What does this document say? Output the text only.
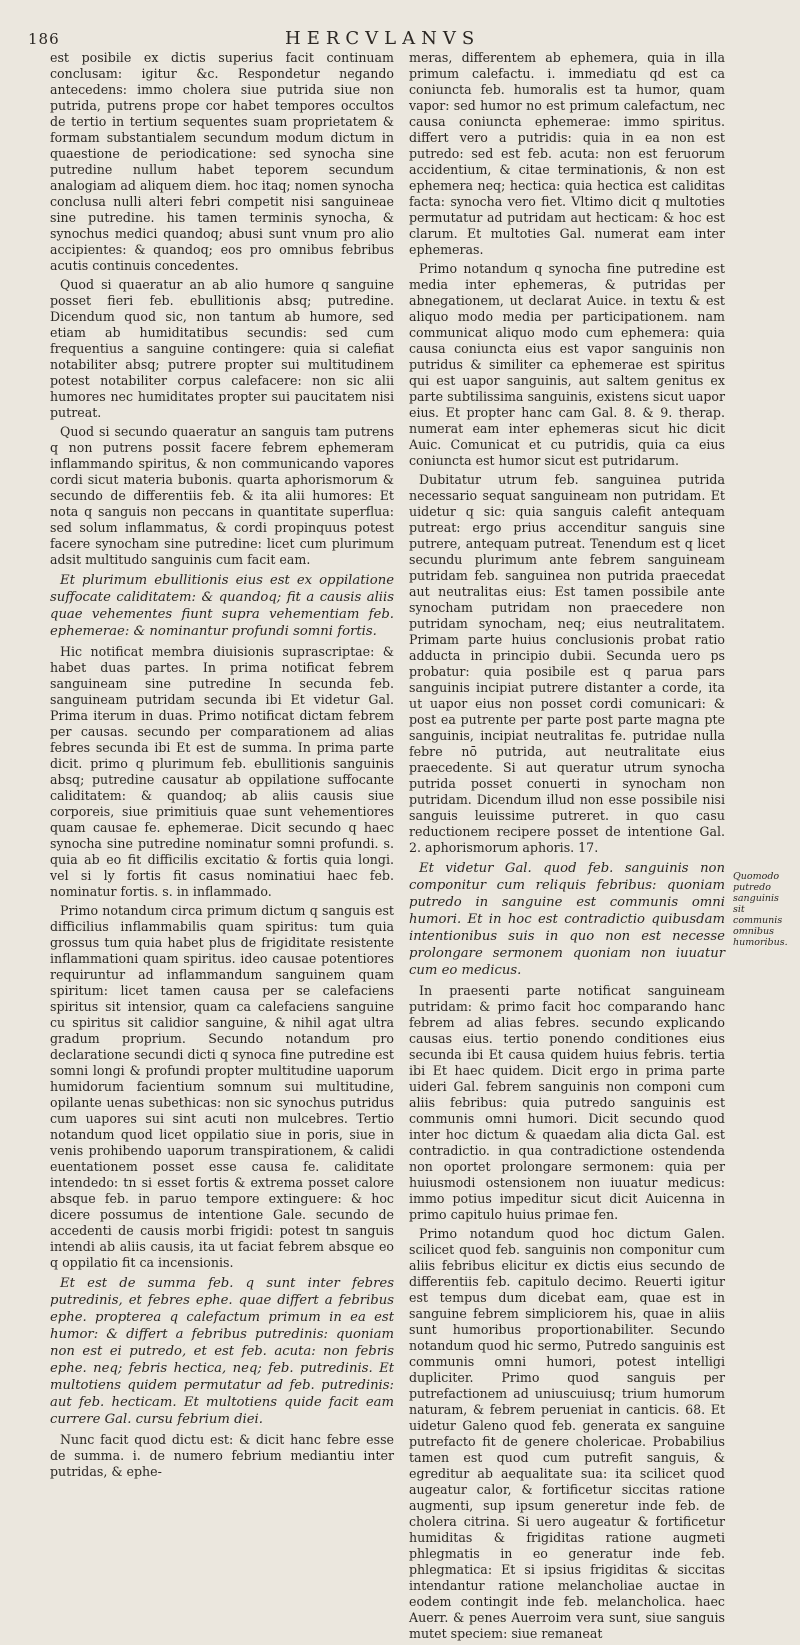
186	HERCVLANVS

est posibile ex dictis superius facit continuam conclusam: igitur &c. Respondetur negando antecedens: immo cholera siue putrida siue non putrida, putrens prope cor habet tempores occultos de tertio in tertium sequentes suam proprietatem & formam substantialem secundum modum dictum in quaestione de periodicatione: sed synocha sine putredine nullum habet teporem secundum analogiam ad aliquem diem. hoc itaq; nomen synocha conclusa nulli alteri febri competit nisi sanguineae sine putredine. his tamen terminis synocha, & synochus medici quandoq; abusi sunt vnum pro alio accipientes: & quandoq; eos pro omnibus febribus acutis continuis concedentes.

Quod si quaeratur an ab alio humore q sanguine posset fieri feb. ebullitionis absq; putredine. Dicendum quod sic, non tantum ab humore, sed etiam ab humiditatibus secundis: sed cum frequentius a sanguine contingere: quia si calefiat notabiliter absq; putrere propter sui multitudinem potest notabiliter corpus calefacere: non sic alii humores nec humiditates propter sui paucitatem nisi putreat.

Quod si secundo quaeratur an sanguis tam putrens q non putrens possit facere febrem ephemeram inflammando spiritus, & non communicando vapores cordi sicut materia bubonis. quarta aphorismorum & secundo de differentiis feb. & ita alii humores: Et nota q sanguis non peccans in quantitate superflua: sed solum inflammatus, & cordi propinquus potest facere synocham sine putredine: licet cum plurimum adsit multitudo sanguinis cum facit eam.

Et plurimum ebullitionis eius est ex oppilatione suffocate caliditatem: & quandoq; fit a causis aliis quae vehementes fiunt supra vehementiam feb. ephemerae: & nominantur profundi somni fortis.

Hic notificat membra diuisionis suprascriptae: & habet duas partes. In prima notificat febrem sanguineam sine putredine In secunda feb. sanguineam putridam secunda ibi Et videtur Gal. Prima iterum in duas. Primo notificat dictam febrem per causas. secundo per comparationem ad alias febres secunda ibi Et est de summa. In prima parte dicit. primo q plurimum feb. ebullitionis sanguinis absq; putredine causatur ab oppilatione suffocante caliditatem: & quandoq; ab aliis causis siue corporeis, siue primitiuis quae sunt vehementiores quam causae fe. ephemerae. Dicit secundo q haec synocha sine putredine nominatur somni profundi. s. quia ab eo fit difficilis excitatio & fortis quia longi. vel si ly fortis fit casus nominatiui haec feb. nominatur fortis. s. in inflammado.

Primo notandum circa primum dictum q sanguis est difficilius inflammabilis quam spiritus: tum quia grossus tum quia habet plus de frigiditate resistente inflammationi quam spiritus. ideo causae potentiores requiruntur ad inflammandum sanguinem quam spiritum: licet tamen causa per se calefaciens spiritus sit intensior, quam ca calefaciens sanguine cu spiritus sit calidior sanguine, & nihil agat ultra gradum proprium. Secundo notandum pro declaratione secundi dicti q synoca fine putredine est somni longi & profundi propter multitudine uaporum humidorum facientium somnum sui multitudine, opilante uenas subethicas: non sic synochus putridus cum uapores sui sint acuti non mulcebres. Tertio notandum quod licet oppilatio siue in poris, siue in venis prohibendo uaporum transpirationem, & calidi euentationem posset esse causa fe. caliditate intendedo: tn si esset fortis & extrema posset calore absque feb. in paruo tempore extinguere: & hoc dicere possumus de intentione Gale. secundo de accedenti de causis morbi frigidi: potest tn sanguis intendi ab aliis causis, ita ut faciat febrem absque eo q oppilatio fit ca incensionis.

Et est de summa feb. q sunt inter febres putredinis, et febres ephe. quae differt a febribus ephe. propterea q calefactum primum in ea est humor: & differt a febribus putredinis: quoniam non est ei putredo, et est feb. acuta: non febris ephe. neq; febris hectica, neq; feb. putredinis. Et multotiens quidem permutatur ad feb. putredinis: aut feb. hecticam. Et multotiens quide facit eam currere Gal. cursu febrium diei.

Nunc facit quod dictu est: & dicit hanc febre esse de summa. i. de numero febrium mediantiu inter putridas, & ephe-

meras, differentem ab ephemera, quia in illa primum calefactu. i. immediatu qd est ca coniuncta feb. humoralis est ta humor, quam vapor: sed humor no est primum calefactum, nec causa coniuncta ephemerae: immo spiritus. differt vero a putridis: quia in ea non est putredo: sed est feb. acuta: non est feruorum accidentium, & citae terminationis, & non est ephemera neq; hectica: quia hectica est caliditas facta: synocha vero fiet. Vltimo dicit q multoties permutatur ad putridam aut hecticam: & hoc est clarum. Et multoties Gal. numerat eam inter ephemeras.

Primo notandum q synocha fine putredine est media inter ephemeras, & putridas per abnegationem, ut declarat Auice. in textu & est aliquo modo media per participationem. nam communicat aliquo modo cum ephemera: quia causa coniuncta eius est vapor sanguinis non putridus & similiter ca ephemerae est spiritus qui est uapor sanguinis, aut saltem genitus ex parte subtilissima sanguinis, existens sicut uapor eius. Et propter hanc cam Gal. 8. & 9. therap. numerat eam inter ephemeras sicut hic dicit Auic. Comunicat et cu putridis, quia ca eius coniuncta est humor sicut est putridarum.

Dubitatur utrum feb. sanguinea putrida necessario sequat sanguineam non putridam. Et uidetur q sic: quia sanguis calefit antequam putreat: ergo prius accenditur sanguis sine putrere, antequam putreat. Tenendum est q licet secundu plurimum ante febrem sanguineam putridam feb. sanguinea non putrida praecedat aut neutralitas eius: Est tamen possibile ante synocham putridam non praecedere non putridam synocham, neq; eius neutralitatem. Primam parte huius conclusionis probat ratio adducta in principio dubii. Secunda uero ps probatur: quia posibile est q parua pars sanguinis incipiat putrere distanter a corde, ita ut uapor eius non posset cordi comunicari: & post ea putrente per parte post parte magna pte sanguinis, incipiat neutralitas fe. putridae nulla febre nō putrida, aut neutralitate eius praecedente. Si aut queratur utrum synocha putrida posset conuerti in synocham non putridam. Dicendum illud non esse possibile nisi sanguis leuissime putreret. in quo casu reductionem recipere posset de intentione Gal. 2. aphorismorum aphoris. 17.

Et videtur Gal. quod feb. sanguinis non componitur cum reliquis febribus: quoniam putredo in sanguine est communis omni humori. Et in hoc est contradictio quibusdam intentionibus suis in quo non est necesse prolongare sermonem quoniam non iuuatur cum eo medicus.

In praesenti parte notificat sanguineam putridam: & primo facit hoc comparando hanc febrem ad alias febres. secundo explicando causas eius. tertio ponendo conditiones eius secunda ibi Et causa quidem huius febris. tertia ibi Et haec quidem. Dicit ergo in prima parte uideri Gal. febrem sanguinis non componi cum aliis febribus: quia putredo sanguinis est communis omni humori. Dicit secundo quod inter hoc dictum & quaedam alia dicta Gal. est contradictio. in qua contradictione ostendenda non oportet prolongare sermonem: quia per huiusmodi ostensionem non iuuatur medicus: immo potius impeditur sicut dicit Auicenna in primo capitulo huius primae fen.

Primo notandum quod hoc dictum Galen. scilicet quod feb. sanguinis non componitur cum aliis febribus elicitur ex dictis eius secundo de differentiis feb. capitulo decimo. Reuerti igitur est tempus dum dicebat eam, quae est in sanguine febrem simpliciorem his, quae in aliis sunt humoribus proportionabiliter. Secundo notandum quod hic sermo, Putredo sanguinis est communis omni humori, potest intelligi dupliciter. Primo quod sanguis per putrefactionem ad uniuscuiusq; trium humorum naturam, & febrem perueniat in canticis. 68. Et uidetur Galeno quod feb. generata ex sanguine putrefacto fit de genere cholericae. Probabilius tamen est quod cum putrefit sanguis, & egreditur ab aequalitate sua: ita scilicet quod augeatur calor, & fortificetur siccitas ratione augmenti, sup ipsum generetur inde feb. de cholera citrina. Si uero augeatur & fortificetur humiditas & frigiditas ratione augmeti phlegmatis in eo generatur inde feb. phlegmatica: Et si ipsius frigiditas & siccitas intendantur ratione melancholiae auctae in eodem contingit inde feb. melancholica. haec Auerr. & penes Auerroim vera sunt, siue sanguis mutet speciem: siue remaneat

Quomodo putredo sanguinis sit communis omnibus humoribus.
